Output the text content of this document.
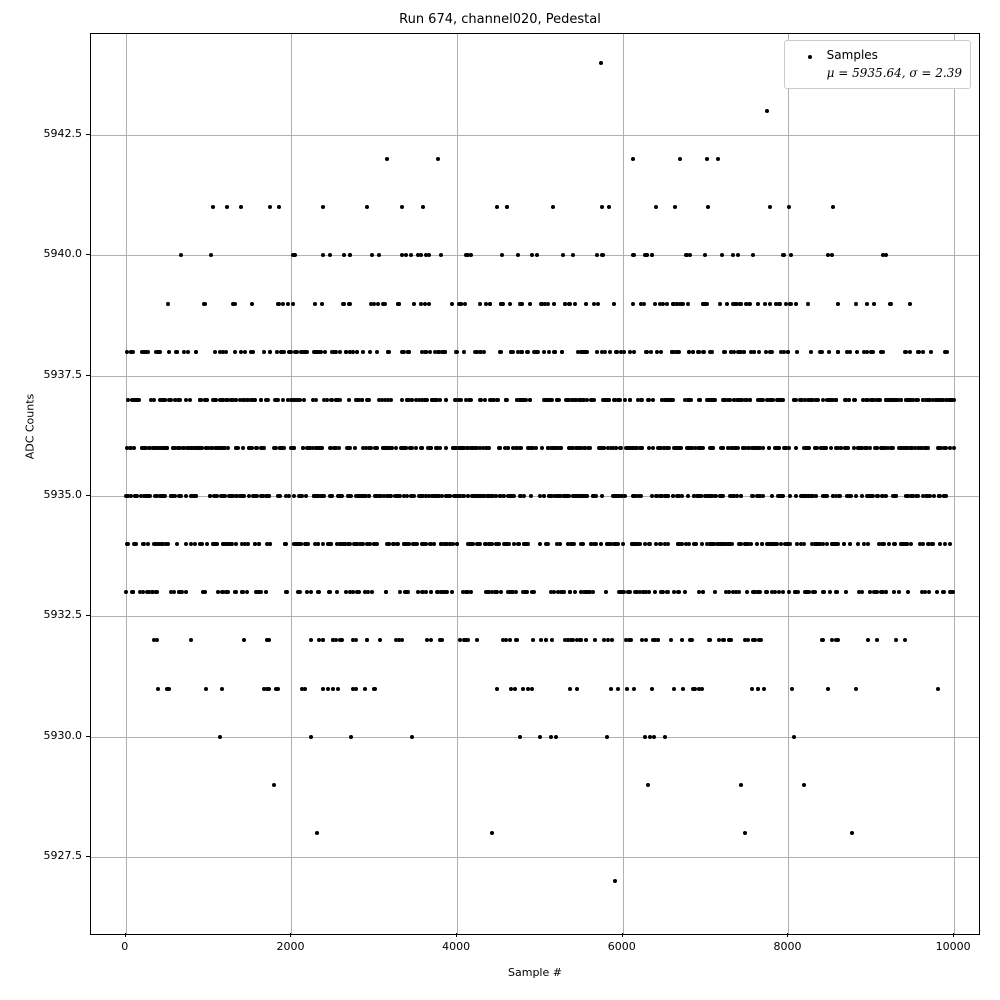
Run 674, channel020, Pedestal
Samples
μ = 5935.64, σ = 2.39
0	2000	4000	6000	8000	10000
5927.5
5930.0
5932.5
5935.0
5937.5
5940.0
5942.5
Sample #
ADC Counts
